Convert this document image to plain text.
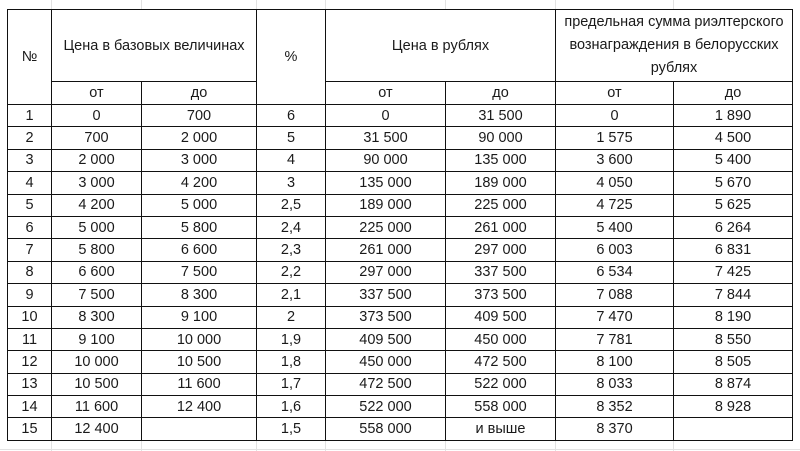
№	Цена в базовых величинах		%	Цена в рублях		предельная сумма риэлтерского вознаграждения в белорусских рублях	
	от	до		от	до	от	до
1	0	700	6	0	31 500	0	1 890
2	700	2 000	5	31 500	90 000	1 575	4 500
3	2 000	3 000	4	90 000	135 000	3 600	5 400
4	3 000	4 200	3	135 000	189 000	4 050	5 670
5	4 200	5 000	2,5	189 000	225 000	4 725	5 625
6	5 000	5 800	2,4	225 000	261 000	5 400	6 264
7	5 800	6 600	2,3	261 000	297 000	6 003	6 831
8	6 600	7 500	2,2	297 000	337 500	6 534	7 425
9	7 500	8 300	2,1	337 500	373 500	7 088	7 844
10	8 300	9 100	2	373 500	409 500	7 470	8 190
11	9 100	10 000	1,9	409 500	450 000	7 781	8 550
12	10 000	10 500	1,8	450 000	472 500	8 100	8 505
13	10 500	11 600	1,7	472 500	522 000	8 033	8 874
14	11 600	12 400	1,6	522 000	558 000	8 352	8 928
15	12 400		1,5	558 000	и выше	8 370	
